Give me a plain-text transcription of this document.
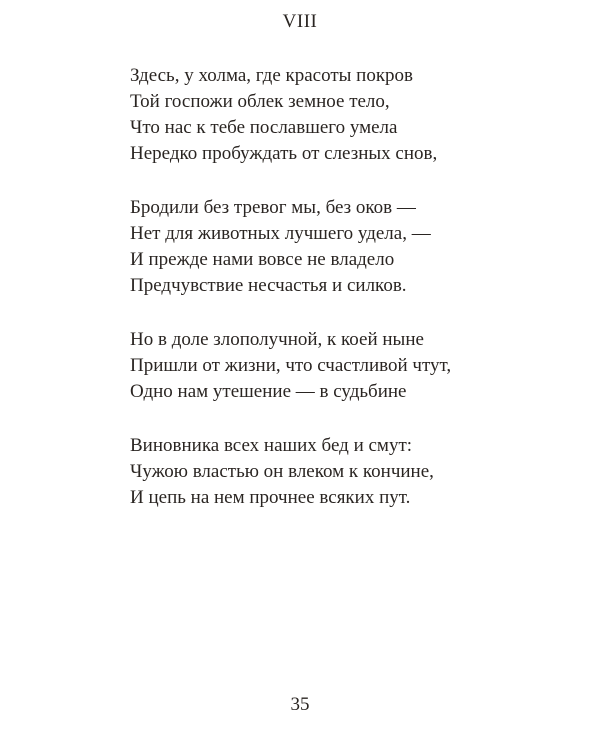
VIII
Здесь, у холма, где красоты покров
Той госпожи облек земное тело,
Что нас к тебе пославшего умела
Нередко пробуждать от слезных снов,
Бродили без тревог мы, без оков —
Нет для животных лучшего удела, —
И прежде нами вовсе не владело
Предчувствие несчастья и силков.
Но в доле злополучной, к коей ныне
Пришли от жизни, что счастливой чтут,
Одно нам утешение — в судьбине
Виновника всех наших бед и смут:
Чужою властью он влеком к кончине,
И цепь на нем прочнее всяких пут.
35
